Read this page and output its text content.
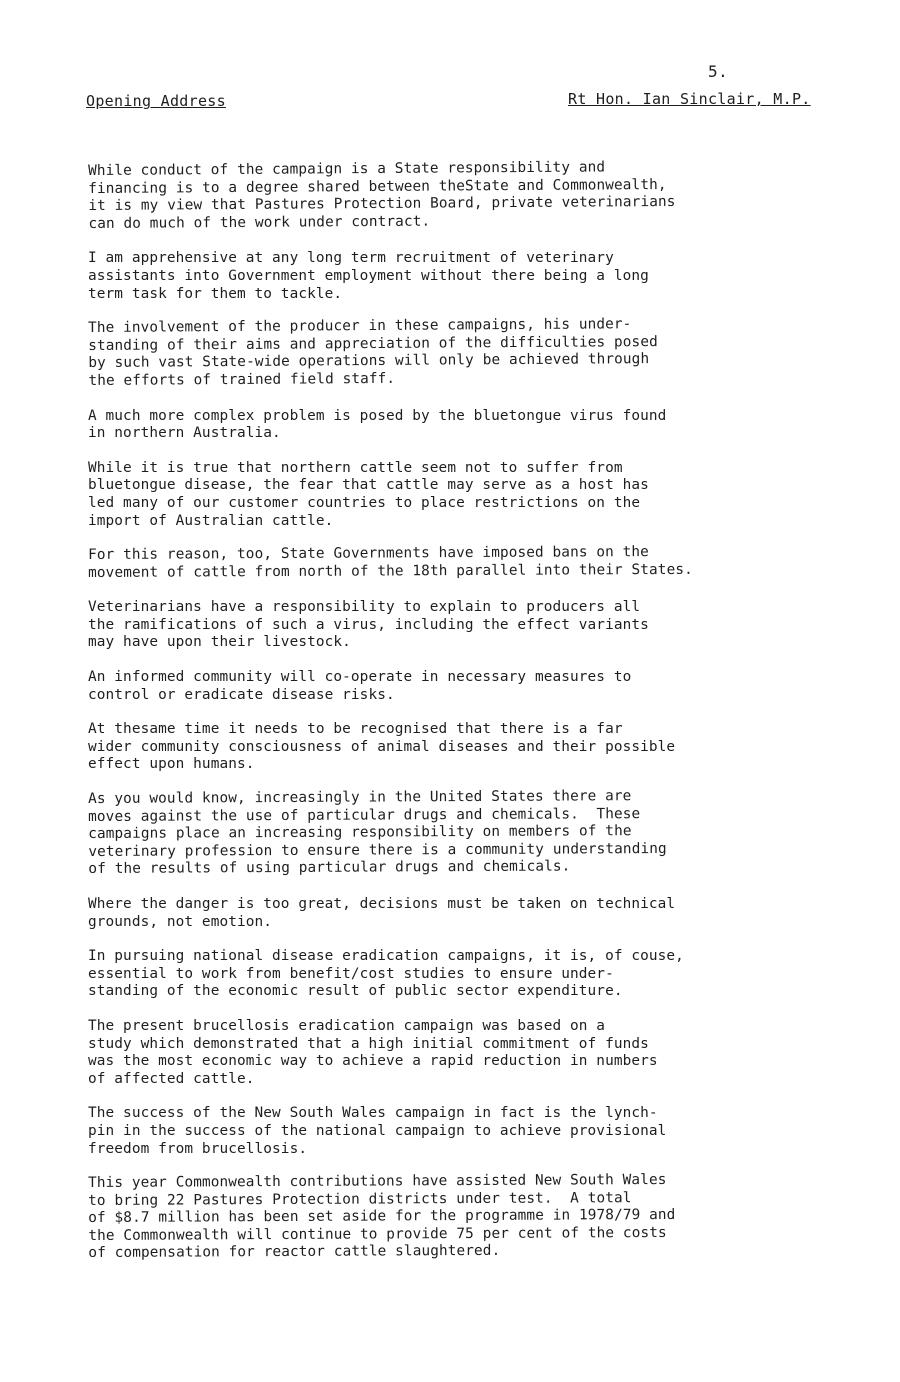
5.
Opening Address	Rt Hon. Ian Sinclair, M.P.

While conduct of the campaign is a State responsibility and
financing is to a degree shared between theState and Commonwealth,
it is my view that Pastures Protection Board, private veterinarians
can do much of the work under contract.

I am apprehensive at any long term recruitment of veterinary
assistants into Government employment without there being a long
term task for them to tackle.

The involvement of the producer in these campaigns, his under-
standing of their aims and appreciation of the difficulties posed
by such vast State-wide operations will only be achieved through
the efforts of trained field staff.

A much more complex problem is posed by the bluetongue virus found
in northern Australia.

While it is true that northern cattle seem not to suffer from
bluetongue disease, the fear that cattle may serve as a host has
led many of our customer countries to place restrictions on the
import of Australian cattle.

For this reason, too, State Governments have imposed bans on the
movement of cattle from north of the 18th parallel into their States.

Veterinarians have a responsibility to explain to producers all
the ramifications of such a virus, including the effect variants
may have upon their livestock.

An informed community will co-operate in necessary measures to
control or eradicate disease risks.

At thesame time it needs to be recognised that there is a far
wider community consciousness of animal diseases and their possible
effect upon humans.

As you would know, increasingly in the United States there are
moves against the use of particular drugs and chemicals.  These
campaigns place an increasing responsibility on members of the
veterinary profession to ensure there is a community understanding
of the results of using particular drugs and chemicals.

Where the danger is too great, decisions must be taken on technical
grounds, not emotion.

In pursuing national disease eradication campaigns, it is, of couse,
essential to work from benefit/cost studies to ensure under-
standing of the economic result of public sector expenditure.

The present brucellosis eradication campaign was based on a
study which demonstrated that a high initial commitment of funds
was the most economic way to achieve a rapid reduction in numbers
of affected cattle.

The success of the New South Wales campaign in fact is the lynch-
pin in the success of the national campaign to achieve provisional
freedom from brucellosis.

This year Commonwealth contributions have assisted New South Wales
to bring 22 Pastures Protection districts under test.  A total
of $8.7 million has been set aside for the programme in 1978/79 and
the Commonwealth will continue to provide 75 per cent of the costs
of compensation for reactor cattle slaughtered.
